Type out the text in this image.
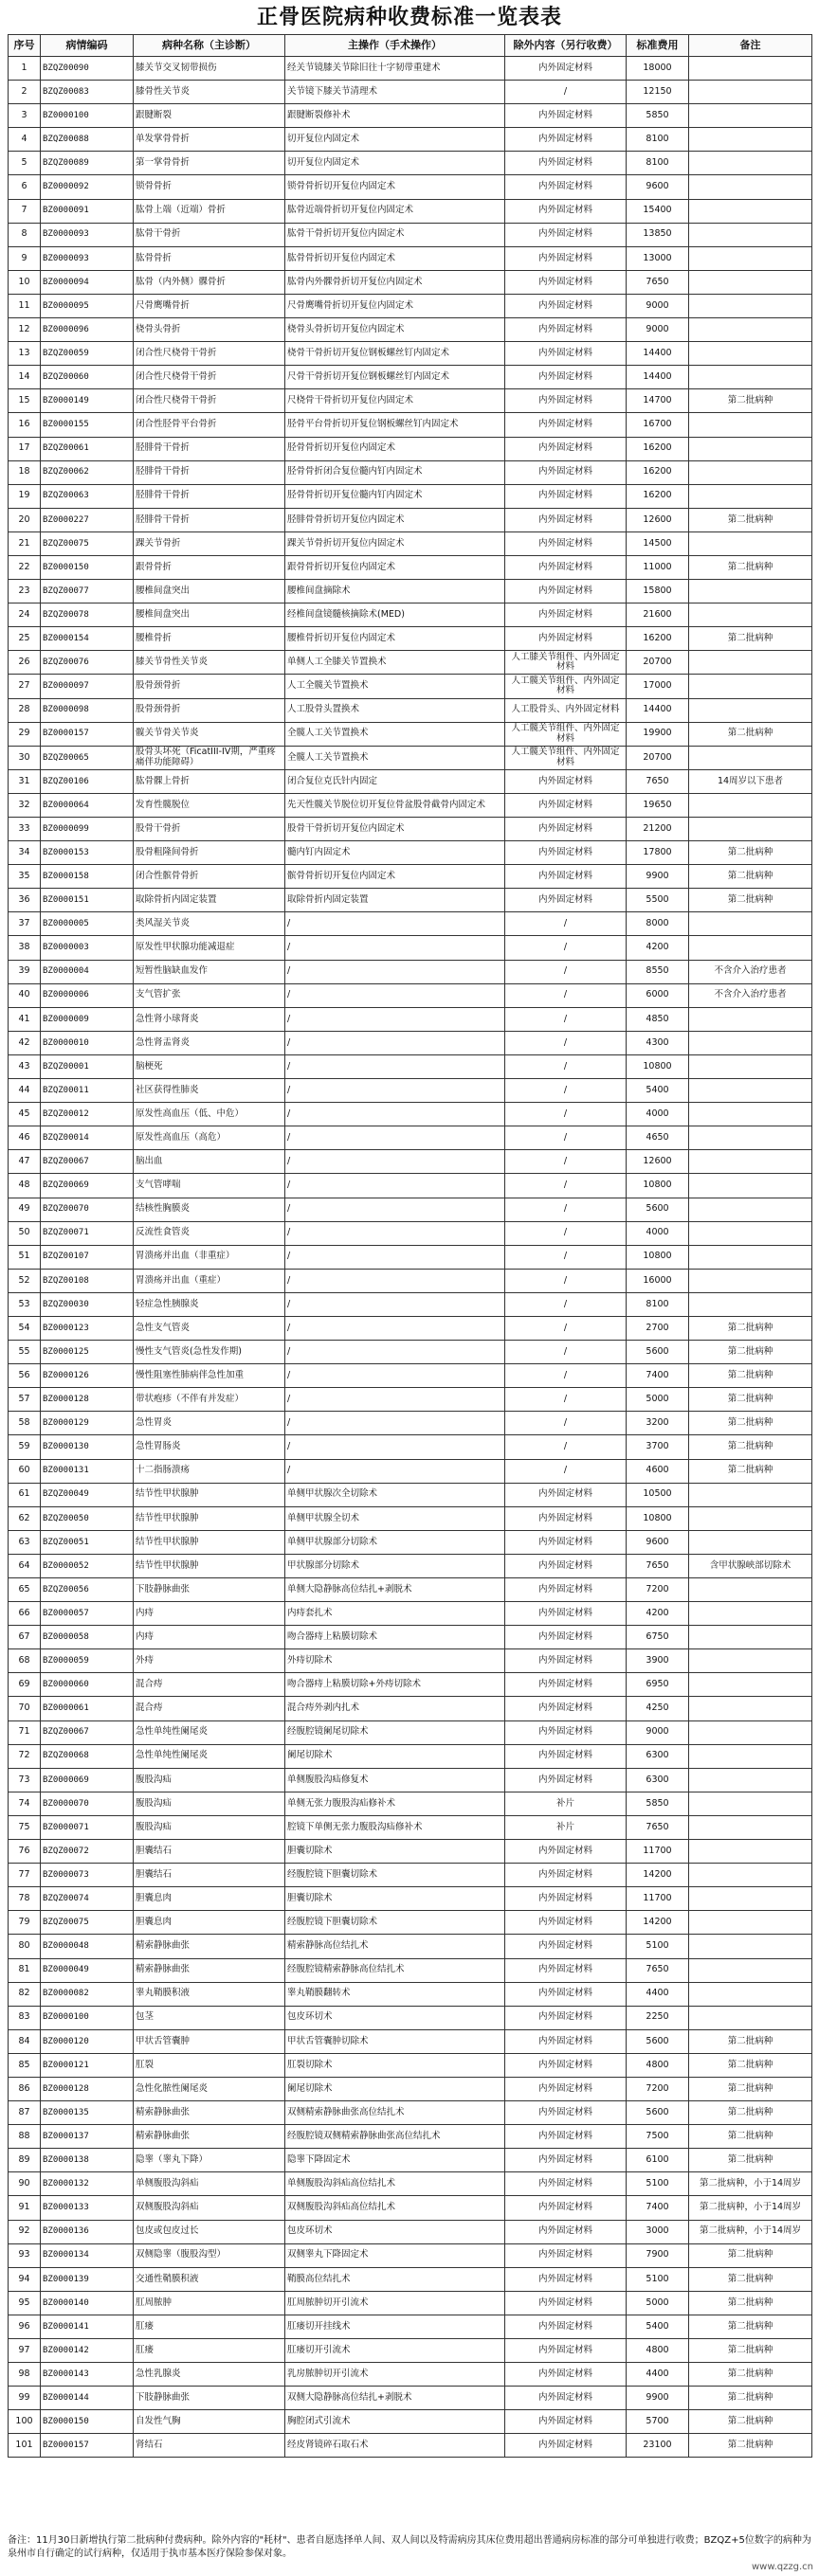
正骨医院病种收费标准一览表表
序号	病情编码	病种名称（主诊断）	主操作（手术操作）	除外内容（另行收费）	标准费用	备注
1	BZQZ00090	膝关节交叉韧带损伤	经关节镜膝关节除旧往十字韧带重建术	内外固定材料	18000	
2	BZQZ00083	膝骨性关节炎	关节镜下膝关节清理术	/	12150	
3	BZ0000100	跟腱断裂	跟腱断裂修补术	内外固定材料	5850	
4	BZQZ00088	单发掌骨骨折	切开复位内固定术	内外固定材料	8100	
5	BZQZ00089	第一掌骨骨折	切开复位内固定术	内外固定材料	8100	
6	BZ0000092	锁骨骨折	锁骨骨折切开复位内固定术	内外固定材料	9600	
7	BZ0000091	肱骨上端（近端）骨折	肱骨近端骨折切开复位内固定术	内外固定材料	15400	
8	BZ0000093	肱骨干骨折	肱骨干骨折切开复位内固定术	内外固定材料	13850	
9	BZ0000093	肱骨骨折	肱骨骨折切开复位内固定术	内外固定材料	13000	
10	BZ0000094	肱骨（内外侧）髁骨折	肱骨内外髁骨折切开复位内固定术	内外固定材料	7650	
11	BZ0000095	尺骨鹰嘴骨折	尺骨鹰嘴骨折切开复位内固定术	内外固定材料	9000	
12	BZ0000096	桡骨头骨折	桡骨头骨折切开复位内固定术	内外固定材料	9000	
13	BZQZ00059	闭合性尺桡骨干骨折	桡骨干骨折切开复位钢板螺丝钉内固定术	内外固定材料	14400	
14	BZQZ00060	闭合性尺桡骨干骨折	尺骨干骨折切开复位钢板螺丝钉内固定术	内外固定材料	14400	
15	BZ0000149	闭合性尺桡骨干骨折	尺桡骨干骨折切开复位内固定术	内外固定材料	14700	第二批病种
16	BZ0000155	闭合性胫骨平台骨折	胫骨平台骨折切开复位钢板螺丝钉内固定术	内外固定材料	16700	
17	BZQZ00061	胫腓骨干骨折	胫骨骨折切开复位内固定术	内外固定材料	16200	
18	BZQZ00062	胫腓骨干骨折	胫骨骨折闭合复位髓内钉内固定术	内外固定材料	16200	
19	BZQZ00063	胫腓骨干骨折	胫骨骨折切开复位髓内钉内固定术	内外固定材料	16200	
20	BZ0000227	胫腓骨干骨折	胫腓骨骨折切开复位内固定术	内外固定材料	12600	第二批病种
21	BZQZ00075	踝关节骨折	踝关节骨折切开复位内固定术	内外固定材料	14500	
22	BZ0000150	跟骨骨折	跟骨骨折切开复位内固定术	内外固定材料	11000	第二批病种
23	BZQZ00077	腰椎间盘突出	腰椎间盘摘除术	内外固定材料	15800	
24	BZQZ00078	腰椎间盘突出	经椎间盘镜髓核摘除术(MED)	内外固定材料	21600	
25	BZ0000154	腰椎骨折	腰椎骨折切开复位内固定术	内外固定材料	16200	第二批病种
26	BZQZ00076	膝关节骨性关节炎	单侧人工全膝关节置换术	人工膝关节组件、内外固定材料	20700	
27	BZ0000097	股骨颈骨折	人工全髋关节置换术	人工髋关节组件、内外固定材料	17000	
28	BZ0000098	股骨颈骨折	人工股骨头置换术	人工股骨头、内外固定材料	14400	
29	BZ0000157	髋关节骨关节炎	全髋人工关节置换术	人工髋关节组件、内外固定材料	19900	第二批病种
30	BZQZ00065	股骨头坏死（FicatIII-IV期，严重疼痛伴功能障碍）	全髋人工关节置换术	人工髋关节组件、内外固定材料	20700	
31	BZQZ00106	肱骨髁上骨折	闭合复位克氏针内固定	内外固定材料	7650	14周岁以下患者
32	BZ0000064	发育性髋脱位	先天性髋关节脱位切开复位骨盆股骨截骨内固定术	内外固定材料	19650	
33	BZ0000099	股骨干骨折	股骨干骨折切开复位内固定术	内外固定材料	21200	
34	BZ0000153	股骨粗隆间骨折	髓内钉内固定术	内外固定材料	17800	第二批病种
35	BZ0000158	闭合性髌骨骨折	髌骨骨折切开复位内固定术	内外固定材料	9900	第二批病种
36	BZ0000151	取除骨折内固定装置	取除骨折内固定装置	内外固定材料	5500	第二批病种
37	BZ0000005	类风湿关节炎	/	/	8000	
38	BZ0000003	原发性甲状腺功能减退症	/	/	4200	
39	BZ0000004	短暂性脑缺血发作	/	/	8550	不含介入治疗患者
40	BZ0000006	支气管扩张	/	/	6000	不含介入治疗患者
41	BZ0000009	急性肾小球肾炎	/	/	4850	
42	BZ0000010	急性肾盂肾炎	/	/	4300	
43	BZQZ00001	脑梗死	/	/	10800	
44	BZQZ00011	社区获得性肺炎	/	/	5400	
45	BZQZ00012	原发性高血压（低、中危）	/	/	4000	
46	BZQZ00014	原发性高血压（高危）	/	/	4650	
47	BZQZ00067	脑出血	/	/	12600	
48	BZQZ00069	支气管哮喘	/	/	10800	
49	BZQZ00070	结核性胸膜炎	/	/	5600	
50	BZQZ00071	反流性食管炎	/	/	4000	
51	BZQZ00107	胃溃疡并出血（非重症）	/	/	10800	
52	BZQZ00108	胃溃疡并出血（重症）	/	/	16000	
53	BZQZ00030	轻症急性胰腺炎	/	/	8100	
54	BZ0000123	急性支气管炎	/	/	2700	第二批病种
55	BZ0000125	慢性支气管炎(急性发作期)	/	/	5600	第二批病种
56	BZ0000126	慢性阻塞性肺病伴急性加重	/	/	7400	第二批病种
57	BZ0000128	带状疱疹（不伴有并发症）	/	/	5000	第二批病种
58	BZ0000129	急性胃炎	/	/	3200	第二批病种
59	BZ0000130	急性胃肠炎	/	/	3700	第二批病种
60	BZ0000131	十二指肠溃疡	/	/	4600	第二批病种
61	BZQZ00049	结节性甲状腺肿	单侧甲状腺次全切除术	内外固定材料	10500	
62	BZQZ00050	结节性甲状腺肿	单侧甲状腺全切术	内外固定材料	10800	
63	BZQZ00051	结节性甲状腺肿	单侧甲状腺部分切除术	内外固定材料	9600	
64	BZ0000052	结节性甲状腺肿	甲状腺部分切除术	内外固定材料	7650	含甲状腺峡部切除术
65	BZQZ00056	下肢静脉曲张	单侧大隐静脉高位结扎+剥脱术	内外固定材料	7200	
66	BZ0000057	内痔	内痔套扎术	内外固定材料	4200	
67	BZ0000058	内痔	吻合器痔上粘膜切除术	内外固定材料	6750	
68	BZ0000059	外痔	外痔切除术	内外固定材料	3900	
69	BZ0000060	混合痔	吻合器痔上粘膜切除+外痔切除术	内外固定材料	6950	
70	BZ0000061	混合痔	混合痔外剥内扎术	内外固定材料	4250	
71	BZQZ00067	急性单纯性阑尾炎	经腹腔镜阑尾切除术	内外固定材料	9000	
72	BZQZ00068	急性单纯性阑尾炎	阑尾切除术	内外固定材料	6300	
73	BZ0000069	腹股沟疝	单侧腹股沟疝修复术	内外固定材料	6300	
74	BZ0000070	腹股沟疝	单侧无张力腹股沟疝修补术	补片	5850	
75	BZ0000071	腹股沟疝	腔镜下单侧无张力腹股沟疝修补术	补片	7650	
76	BZQZ00072	胆囊结石	胆囊切除术	内外固定材料	11700	
77	BZ0000073	胆囊结石	经腹腔镜下胆囊切除术	内外固定材料	14200	
78	BZQZ00074	胆囊息肉	胆囊切除术	内外固定材料	11700	
79	BZQZ00075	胆囊息肉	经腹腔镜下胆囊切除术	内外固定材料	14200	
80	BZ0000048	精索静脉曲张	精索静脉高位结扎术	内外固定材料	5100	
81	BZ0000049	精索静脉曲张	经腹腔镜精索静脉高位结扎术	内外固定材料	7650	
82	BZ0000082	睾丸鞘膜积液	睾丸鞘膜翻转术	内外固定材料	4400	
83	BZ0000100	包茎	包皮环切术	内外固定材料	2250	
84	BZ0000120	甲状舌管囊肿	甲状舌管囊肿切除术	内外固定材料	5600	第二批病种
85	BZ0000121	肛裂	肛裂切除术	内外固定材料	4800	第二批病种
86	BZ0000128	急性化脓性阑尾炎	阑尾切除术	内外固定材料	7200	第二批病种
87	BZ0000135	精索静脉曲张	双侧精索静脉曲张高位结扎术	内外固定材料	5600	第二批病种
88	BZ0000137	精索静脉曲张	经腹腔镜双侧精索静脉曲张高位结扎术	内外固定材料	7500	第二批病种
89	BZ0000138	隐睾（睾丸下降）	隐睾下降固定术	内外固定材料	6100	第二批病种
90	BZ0000132	单侧腹股沟斜疝	单侧腹股沟斜疝高位结扎术	内外固定材料	5100	第二批病种，小于14周岁
91	BZ0000133	双侧腹股沟斜疝	双侧腹股沟斜疝高位结扎术	内外固定材料	7400	第二批病种，小于14周岁
92	BZ0000136	包皮或包皮过长	包皮环切术	内外固定材料	3000	第二批病种，小于14周岁
93	BZ0000134	双侧隐睾（腹股沟型）	双侧睾丸下降固定术	内外固定材料	7900	第二批病种
94	BZ0000139	交通性鞘膜积液	鞘膜高位结扎术	内外固定材料	5100	第二批病种
95	BZ0000140	肛周脓肿	肛周脓肿切开引流术	内外固定材料	5000	第二批病种
96	BZ0000141	肛瘘	肛瘘切开挂线术	内外固定材料	5400	第二批病种
97	BZ0000142	肛瘘	肛瘘切开引流术	内外固定材料	4800	第二批病种
98	BZ0000143	急性乳腺炎	乳房脓肿切开引流术	内外固定材料	4400	第二批病种
99	BZ0000144	下肢静脉曲张	双侧大隐静脉高位结扎+剥脱术	内外固定材料	9900	第二批病种
100	BZ0000150	自发性气胸	胸腔闭式引流术	内外固定材料	5700	第二批病种
101	BZ0000157	肾结石	经皮肾镜碎石取石术	内外固定材料	23100	第二批病种
备注：11月30日新增执行第二批病种付费病种。除外内容的"耗材"、患者自愿选择单人间、双人间以及特需病房其床位费用超出普通病房标准的部分可单独进行收费；BZQZ+5位数字的病种为泉州市自行确定的试行病种，仅适用于执市基本医疗保险参保对象。
www.qzzg.cn
